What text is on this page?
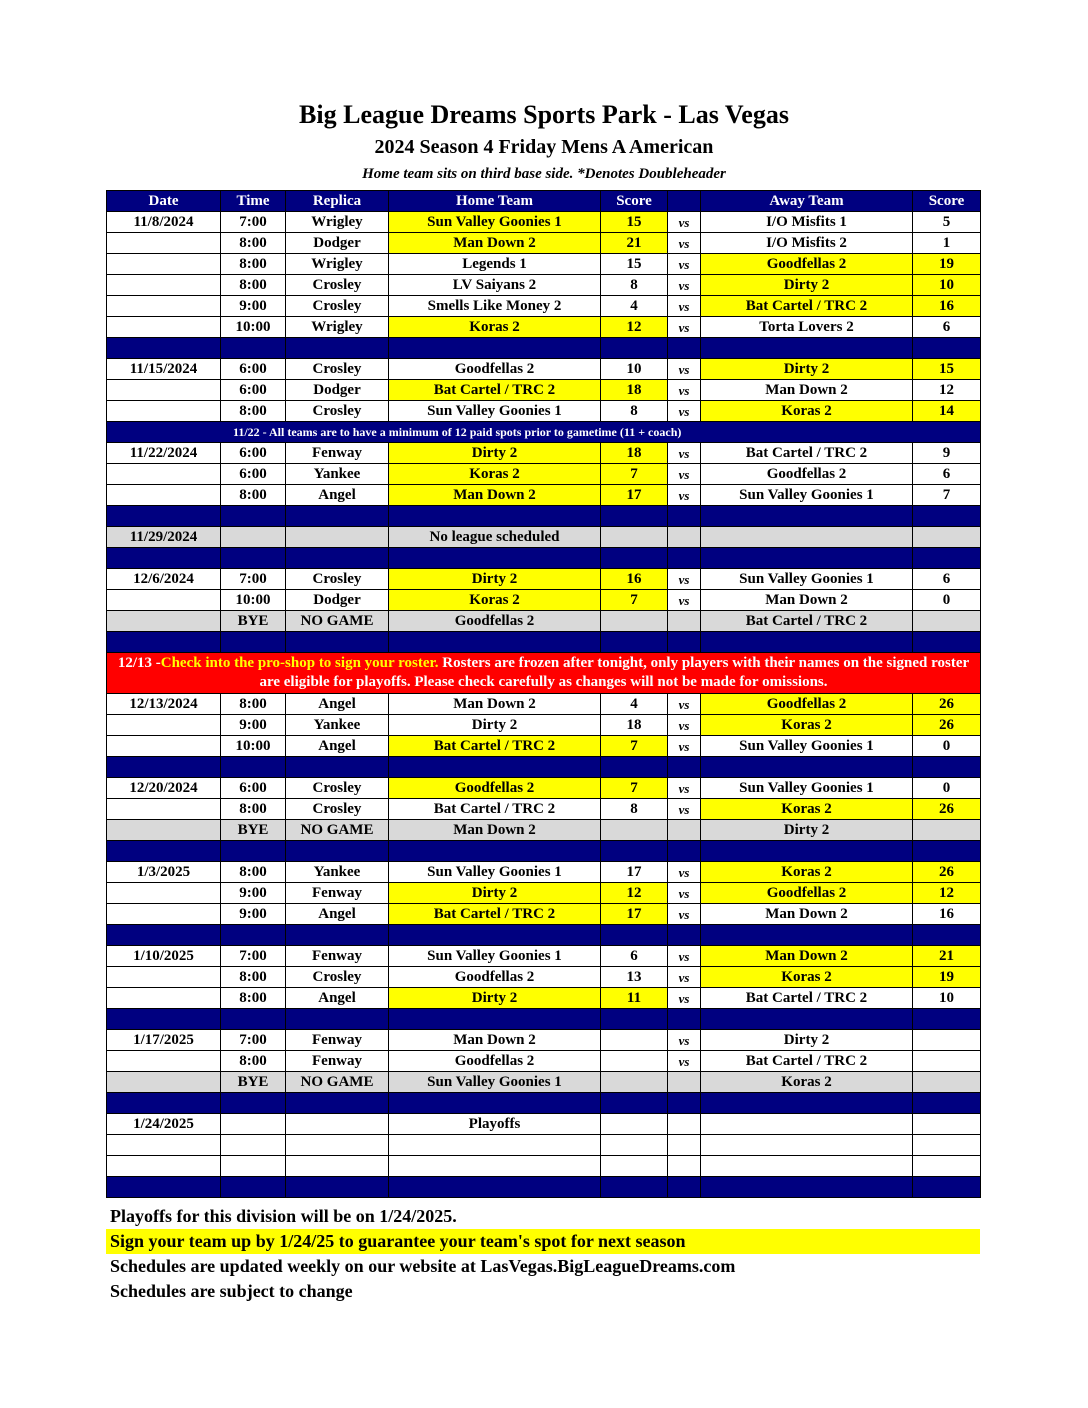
Big League Dreams Sports Park - Las Vegas
2024 Season 4 Friday Mens A American
Home team sits on third base side. *Denotes Doubleheader
Date	Time	Replica	Home Team	Score		Away Team	Score
11/8/2024	7:00	Wrigley	Sun Valley Goonies 1	15	vs	I/O Misfits 1	5
	8:00	Dodger	Man Down 2	21	vs	I/O Misfits 2	1
	8:00	Wrigley	Legends 1	15	vs	Goodfellas 2	19
	8:00	Crosley	LV Saiyans 2	8	vs	Dirty 2	10
	9:00	Crosley	Smells Like Money 2	4	vs	Bat Cartel / TRC 2	16
	10:00	Wrigley	Koras 2	12	vs	Torta Lovers 2	6

11/15/2024	6:00	Crosley	Goodfellas 2	10	vs	Dirty 2	15
	6:00	Dodger	Bat Cartel / TRC 2	18	vs	Man Down 2	12
	8:00	Crosley	Sun Valley Goonies 1	8	vs	Koras 2	14
11/22 - All teams are to have a minimum of 12 paid spots prior to gametime (11 + coach)							
11/22/2024	6:00	Fenway	Dirty 2	18	vs	Bat Cartel / TRC 2	9
	6:00	Yankee	Koras 2	7	vs	Goodfellas 2	6
	8:00	Angel	Man Down 2	17	vs	Sun Valley Goonies 1	7

11/29/2024			No league scheduled				

12/6/2024	7:00	Crosley	Dirty 2	16	vs	Sun Valley Goonies 1	6
	10:00	Dodger	Koras 2	7	vs	Man Down 2	0
	BYE	NO GAME	Goodfellas 2			Bat Cartel / TRC 2	

12/13 -Check into the pro-shop to sign your roster. Rosters are frozen after tonight, only players with their names on the signed roster are eligible for playoffs. Please check carefully as changes will not be made for omissions.							
12/13/2024	8:00	Angel	Man Down 2	4	vs	Goodfellas 2	26
	9:00	Yankee	Dirty 2	18	vs	Koras 2	26
	10:00	Angel	Bat Cartel / TRC 2	7	vs	Sun Valley Goonies 1	0

12/20/2024	6:00	Crosley	Goodfellas 2	7	vs	Sun Valley Goonies 1	0
	8:00	Crosley	Bat Cartel / TRC 2	8	vs	Koras 2	26
	BYE	NO GAME	Man Down 2			Dirty 2	

1/3/2025	8:00	Yankee	Sun Valley Goonies 1	17	vs	Koras 2	26
	9:00	Fenway	Dirty 2	12	vs	Goodfellas 2	12
	9:00	Angel	Bat Cartel / TRC 2	17	vs	Man Down 2	16

1/10/2025	7:00	Fenway	Sun Valley Goonies 1	6	vs	Man Down 2	21
	8:00	Crosley	Goodfellas 2	13	vs	Koras 2	19
	8:00	Angel	Dirty 2	11	vs	Bat Cartel / TRC 2	10

1/17/2025	7:00	Fenway	Man Down 2		vs	Dirty 2	
	8:00	Fenway	Goodfellas 2		vs	Bat Cartel / TRC 2	
	BYE	NO GAME	Sun Valley Goonies 1			Koras 2	

1/24/2025			Playoffs				

Playoffs for this division will be on 1/24/2025.
Sign your team up by 1/24/25 to guarantee your team's spot for next season
Schedules are updated weekly on our website at LasVegas.BigLeagueDreams.com
Schedules are subject to change
